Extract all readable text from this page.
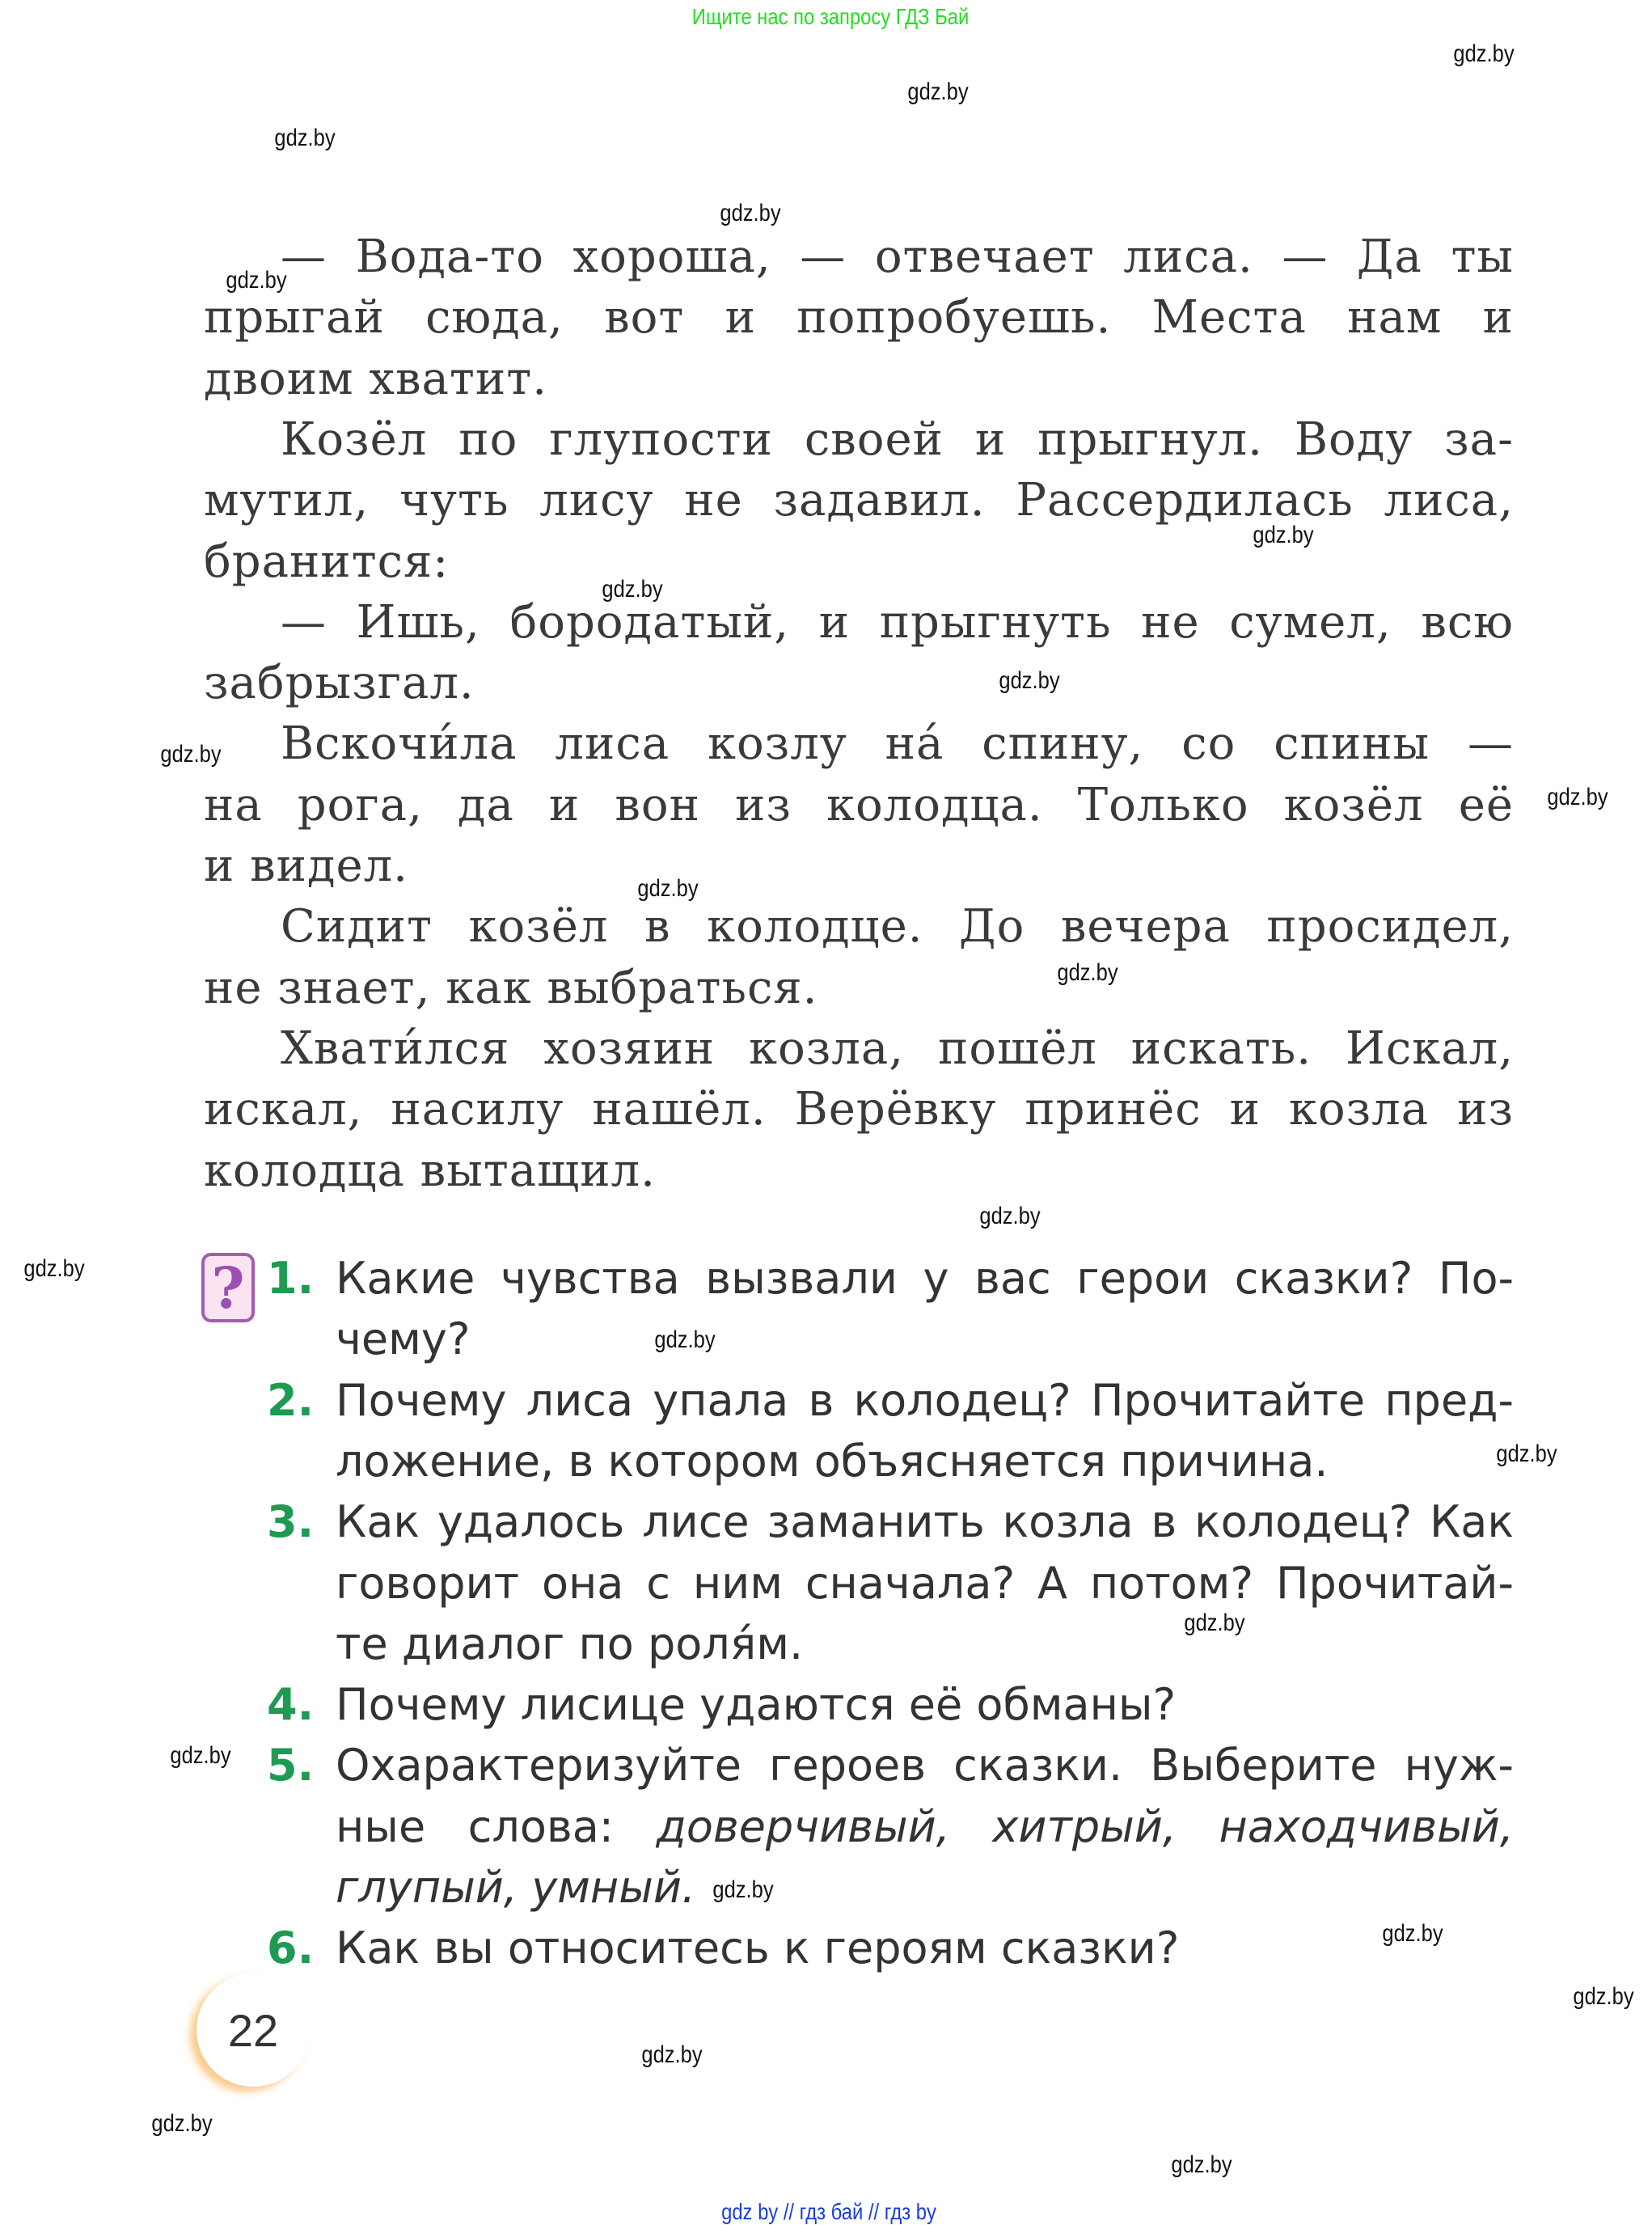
Ищите нас по запросу ГДЗ Бай
— Вода-то хороша, — отвечает лиса. — Да ты
прыгай сюда, вот и попробуешь. Места нам и
двоим хватит.
Козёл по глупости своей и прыгнул. Воду за-
мутил, чуть лису не задавил. Рассердилась лиса,
бранится:
— Ишь, бородатый, и прыгнуть не сумел, всю
забрызгал.
Вскочи́ла лиса козлу на́ спину, со спины —
на рога, да и вон из колодца. Только козёл её
и видел.
Сидит козёл в колодце. До вечера просидел,
не знает, как выбраться.
Хвати́лся хозяин козла, пошёл искать. Искал,
искал, насилу нашёл. Верёвку принёс и козла из
колодца вытащил.
? 1. Какие чувства вызвали у вас герои сказки? По-
чему?
2. Почему лиса упала в колодец? Прочитайте пред-
ложение, в котором объясняется причина.
3. Как удалось лисе заманить козла в колодец? Как
говорит она с ним сначала? А потом? Прочитай-
те диалог по роля́м.
4. Почему лисице удаются её обманы?
5. Охарактеризуйте героев сказки. Выберите нуж-
ные слова: доверчивый, хитрый, находчивый,
глупый, умный.
6. Как вы относитесь к героям сказки?
22
gdz.by
gdz.by
gdz.by
gdz.by
gdz.by
gdz.by
gdz.by
gdz.by
gdz.by
gdz.by
gdz.by
gdz.by
gdz.by
gdz.by
gdz.by
gdz.by
gdz.by
gdz.by
gdz.by
gdz.by
gdz.by
gdz.by
gdz.by
gdz.by
gdz by // гдз бай // гдз by
